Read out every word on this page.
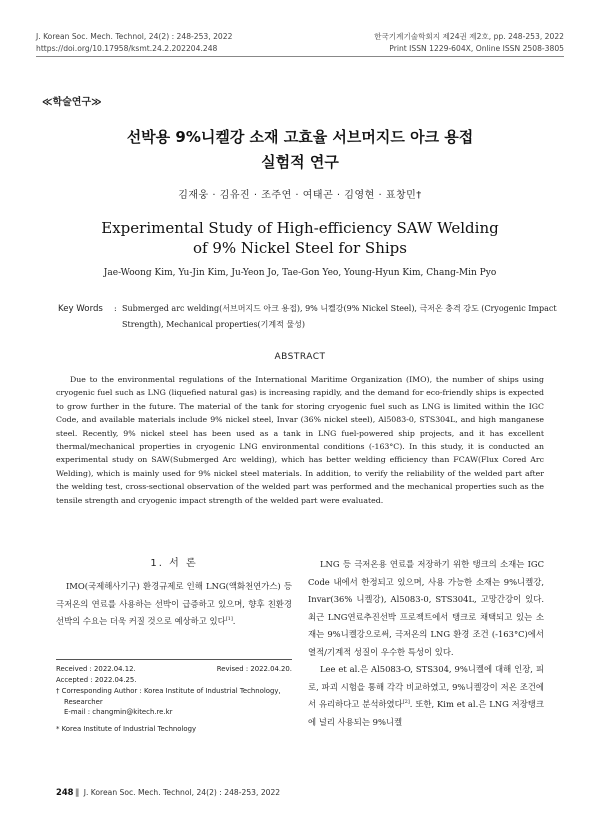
J. Korean Soc. Mech. Technol, 24(2) : 248-253, 2022
https://doi.org/10.17958/ksmt.24.2.202204.248
한국기계기술학회지 제24권 제2호, pp. 248-253, 2022
Print ISSN 1229-604X, Online ISSN 2508-3805
≪학술연구≫
선박용 9%니켈강 소재 고효율 서브머지드 아크 용접
실험적 연구
김재웅 · 김유진 · 조주연 · 여태곤 · 김영현 · 표창민†
Experimental Study of High-efficiency SAW Welding
of 9% Nickel Steel for Ships
Jae-Woong Kim, Yu-Jin Kim, Ju-Yeon Jo, Tae-Gon Yeo, Young-Hyun Kim, Chang-Min Pyo
Key Words : Submerged arc welding(서브머지드 아크 용접), 9% 니켈강(9% Nickel Steel), 극저온 충격 강도 (Cryogenic Impact Strength), Mechanical properties(기계적 물성)
ABSTRACT
Due to the environmental regulations of the International Maritime Organization (IMO), the number of ships using cryogenic fuel such as LNG (liquefied natural gas) is increasing rapidly, and the demand for eco-friendly ships is expected to grow further in the future. The material of the tank for storing cryogenic fuel such as LNG is limited within the IGC Code, and available materials include 9% nickel steel, Invar (36% nickel steel), Al5083-0, STS304L, and high manganese steel. Recently, 9% nickel steel has been used as a tank in LNG fuel-powered ship projects, and it has excellent thermal/mechanical properties in cryogenic LNG environmental conditions (-163°C). In this study, it is conducted an experimental study on SAW(Submerged Arc welding), which has better welding efficiency than FCAW(Flux Cored Arc Welding), which is mainly used for 9% nickel steel materials. In addition, to verify the reliability of the welded part after the welding test, cross-sectional observation of the welded part was performed and the mechanical properties such as the tensile strength and cryogenic impact strength of the welded part were evaluated.
1. 서 론
IMO(국제해사기구) 환경규제로 인해 LNG(액화천연가스) 등 극저온의 연료를 사용하는 선박이 급증하고 있으며, 향후 친환경 선박의 수요는 더욱 커질 것으로 예상하고 있다[1].
Received : 2022.04.12.	Revised : 2022.04.20.
Accepted : 2022.04.25.
† Corresponding Author : Korea Institute of Industrial Technology,
Researcher
E-mail : changmin@kitech.re.kr
* Korea Institute of Industrial Technology

LNG 등 극저온용 연료를 저장하기 위한 탱크의 소재는 IGC Code 내에서 한정되고 있으며, 사용 가능한 소재는 9%니켈강, Invar(36% 니켈강), Al5083-0, STS304L, 고망간강이 있다. 최근 LNG연료추진선박 프로젝트에서 탱크로 채택되고 있는 소재는 9%니켈강으로써, 극저온의 LNG 환경 조건 (-163°C)에서 열적/기계적 성질이 우수한 특성이 있다.

Lee et al.은 Al5083-O, STS304, 9%니켈에 대해 인장, 피로, 파괴 시험을 통해 각각 비교하였고, 9%니켈강이 저온 조건에서 유리하다고 분석하였다[2]. 또한, Kim et al.은 LNG 저장탱크에 널리 사용되는 9%니켈

248 ▌ J. Korean Soc. Mech. Technol, 24(2) : 248-253, 2022
